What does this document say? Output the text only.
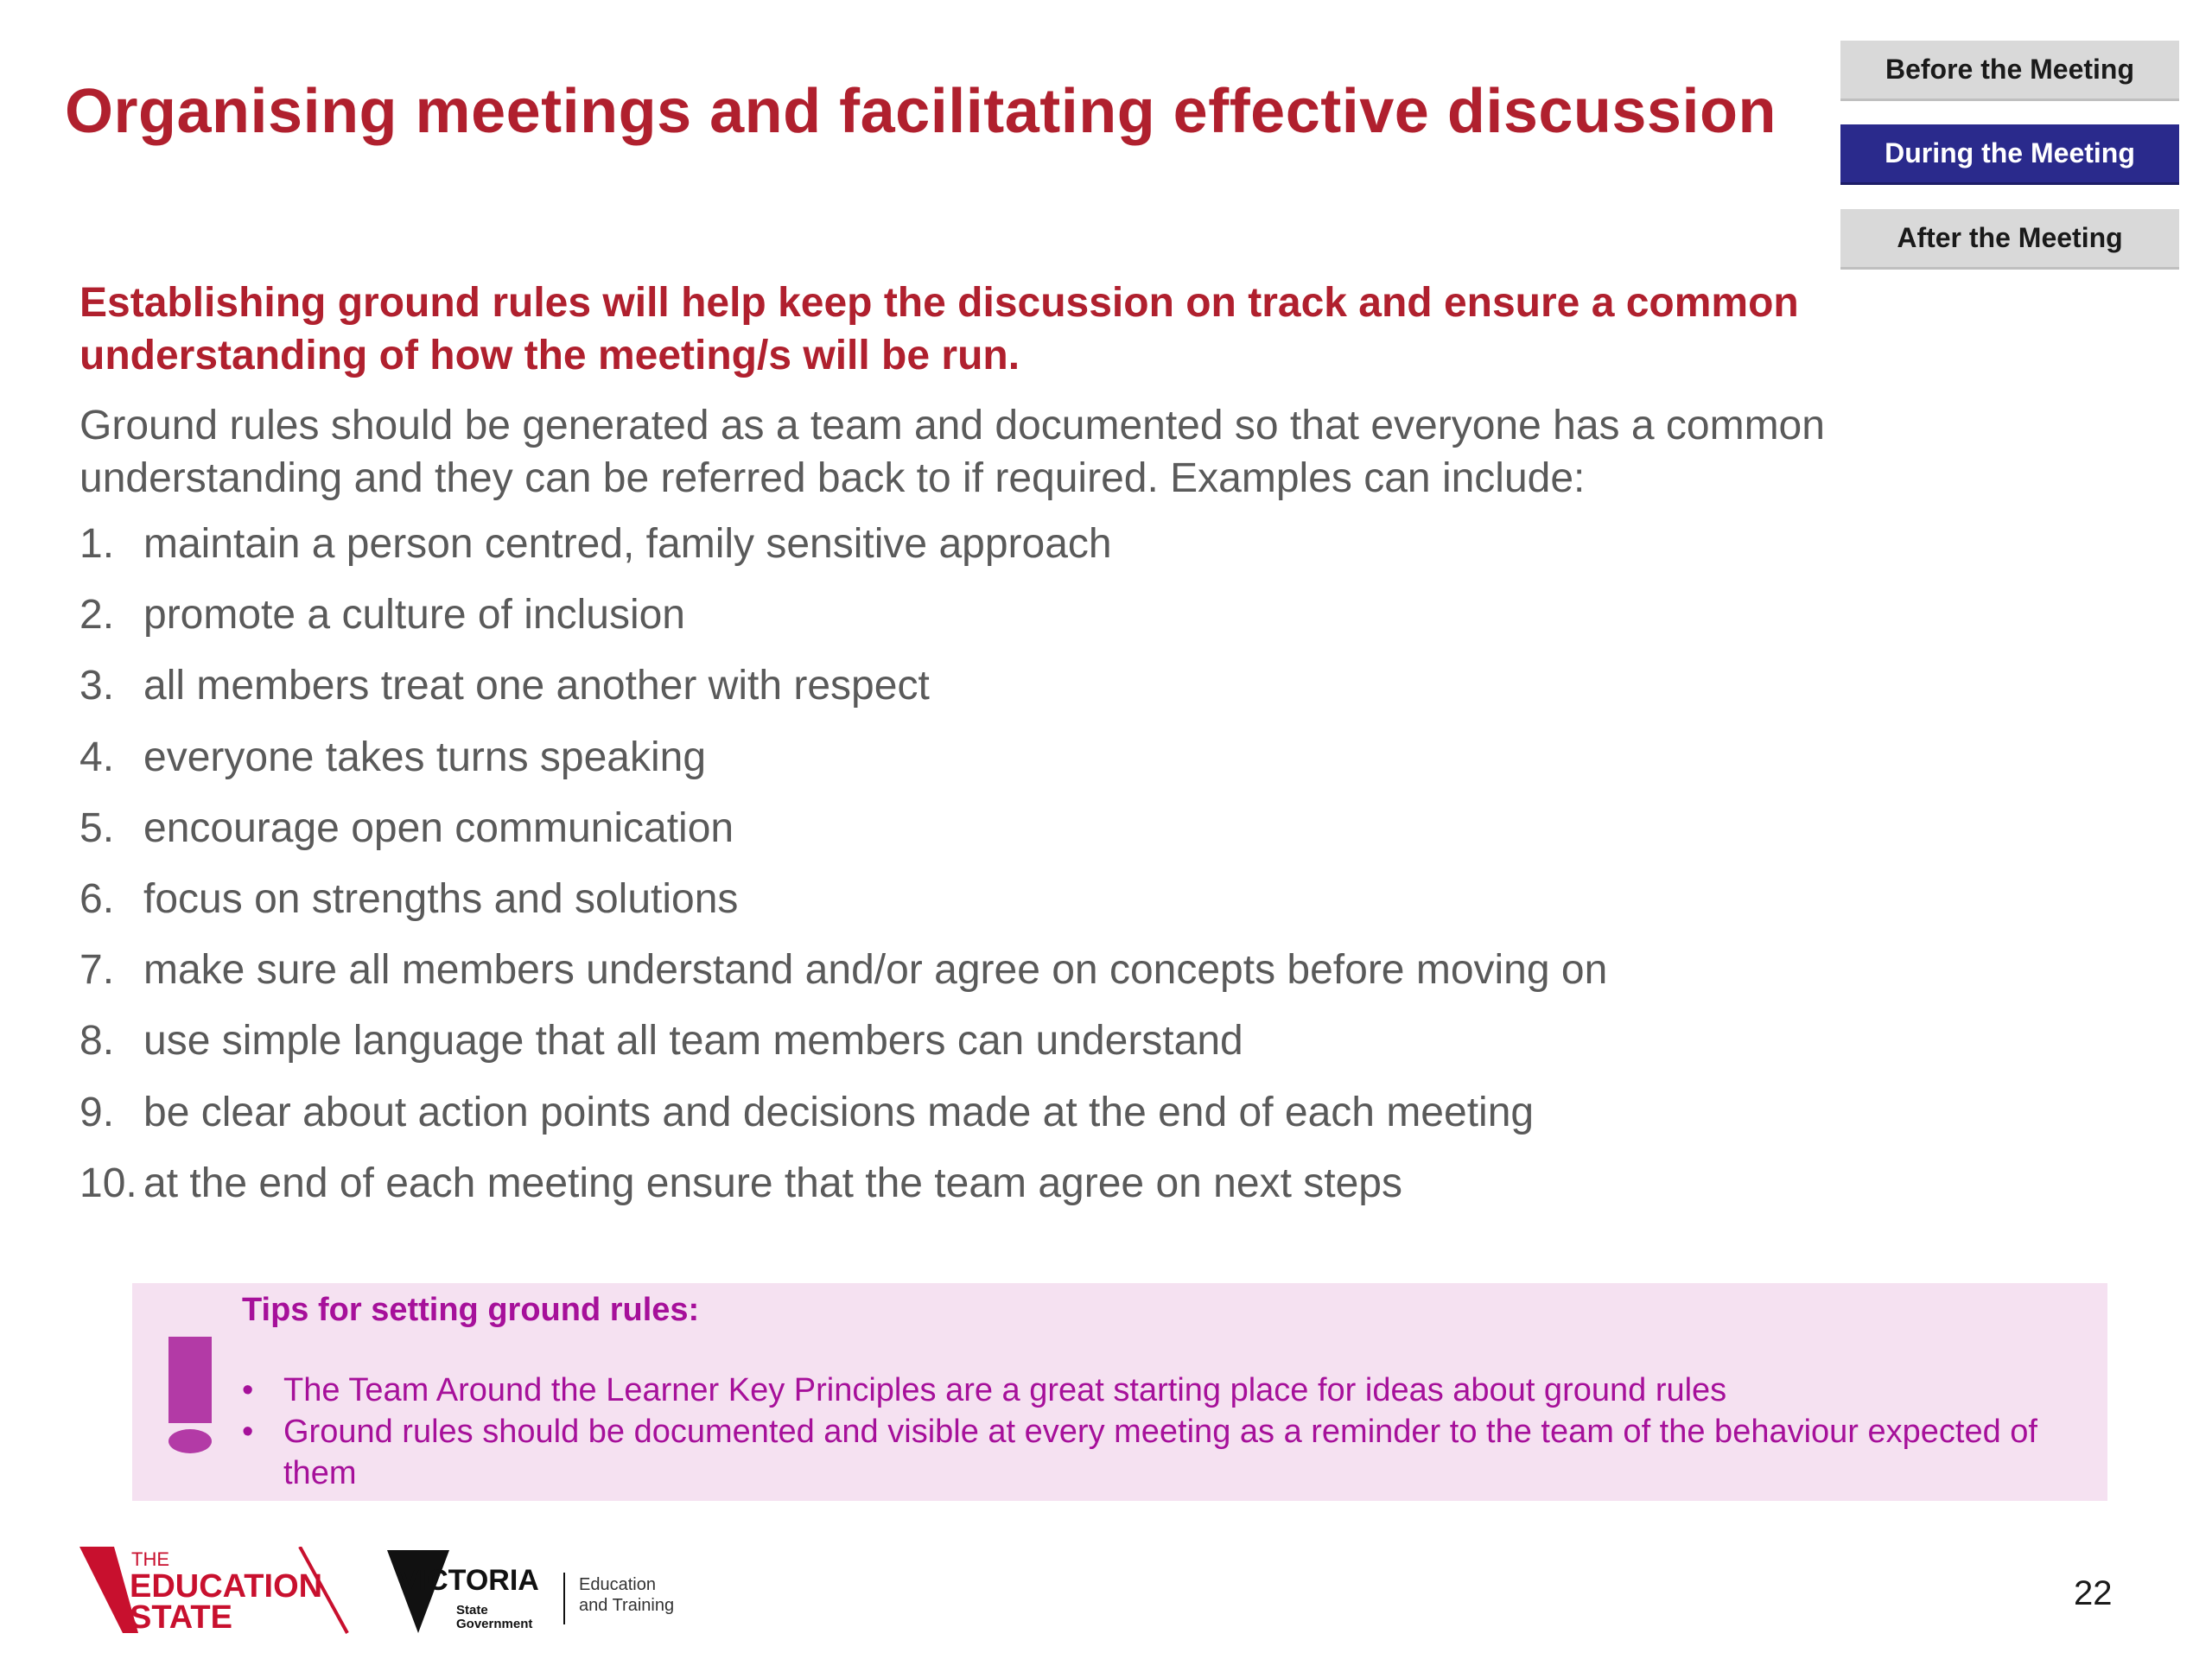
Organising meetings and facilitating effective discussion
Before the Meeting
During the Meeting
After the Meeting

Establishing ground rules will help keep the discussion on track and ensure a common understanding of how the meeting/s will be run.

Ground rules should be generated as a team and documented so that everyone has a common understanding and they can be referred back to if required. Examples can include:

1. maintain a person centred, family sensitive approach
2. promote a culture of inclusion
3. all members treat one another with respect
4. everyone takes turns speaking
5. encourage open communication
6. focus on strengths and solutions
7. make sure all members understand and/or agree on concepts before moving on
8. use simple language that all team members can understand
9. be clear about action points and decisions made at the end of each meeting
10. at the end of each meeting ensure that the team agree on next steps

Tips for setting ground rules:

• The Team Around the Learner Key Principles are a great starting place for ideas about ground rules
• Ground rules should be documented and visible at every meeting as a reminder to the team of the behaviour expected of them
THE
EDUCATION
STATE
VICTORIA
State
Government
Education
and Training	22
